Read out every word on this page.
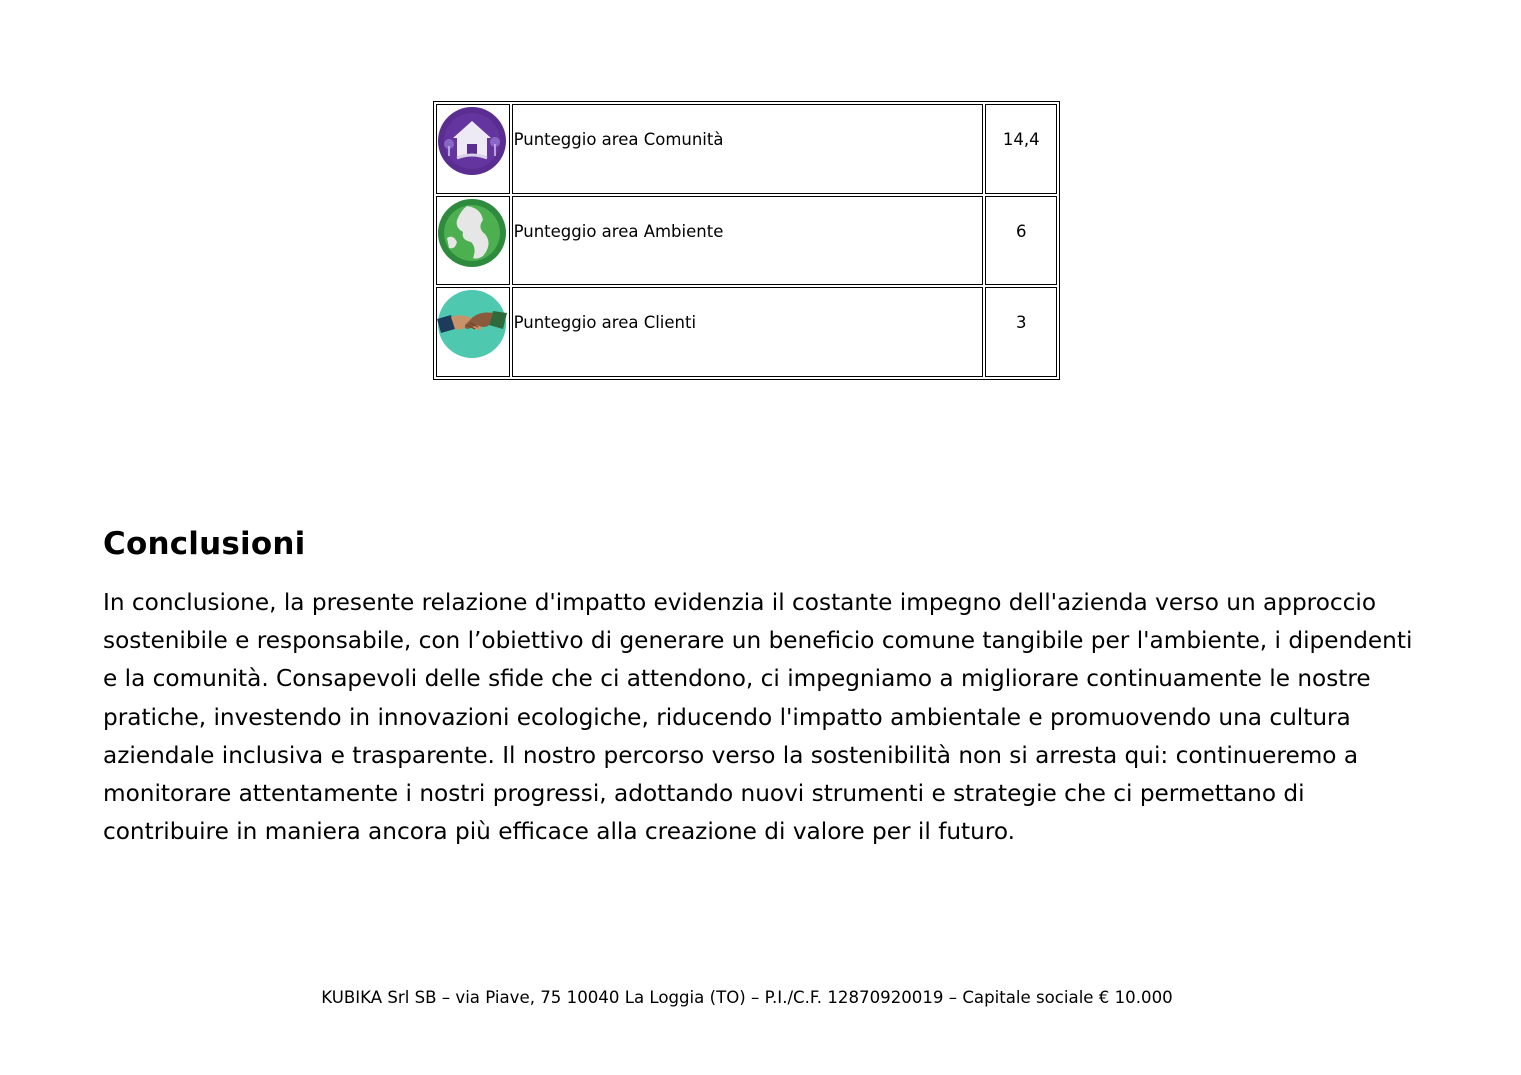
	Punteggio area Comunità	14,4

	Punteggio area Ambiente	6

	Punteggio area Clienti	3
Conclusioni

In conclusione, la presente relazione d'impatto evidenzia il costante impegno dell'azienda verso un approccio sostenibile e responsabile, con l’obiettivo di generare un beneficio comune tangibile per l'ambiente, i dipendenti e la comunità. Consapevoli delle sfide che ci attendono, ci impegniamo a migliorare continuamente le nostre pratiche, investendo in innovazioni ecologiche, riducendo l'impatto ambientale e promuovendo una cultura aziendale inclusiva e trasparente. Il nostro percorso verso la sostenibilità non si arresta qui: continueremo a monitorare attentamente i nostri progressi, adottando nuovi strumenti e strategie che ci permettano di contribuire in maniera ancora più efficace alla creazione di valore per il futuro.

KUBIKA Srl SB – via Piave, 75 10040 La Loggia (TO) – P.I./C.F. 12870920019 – Capitale sociale € 10.000
